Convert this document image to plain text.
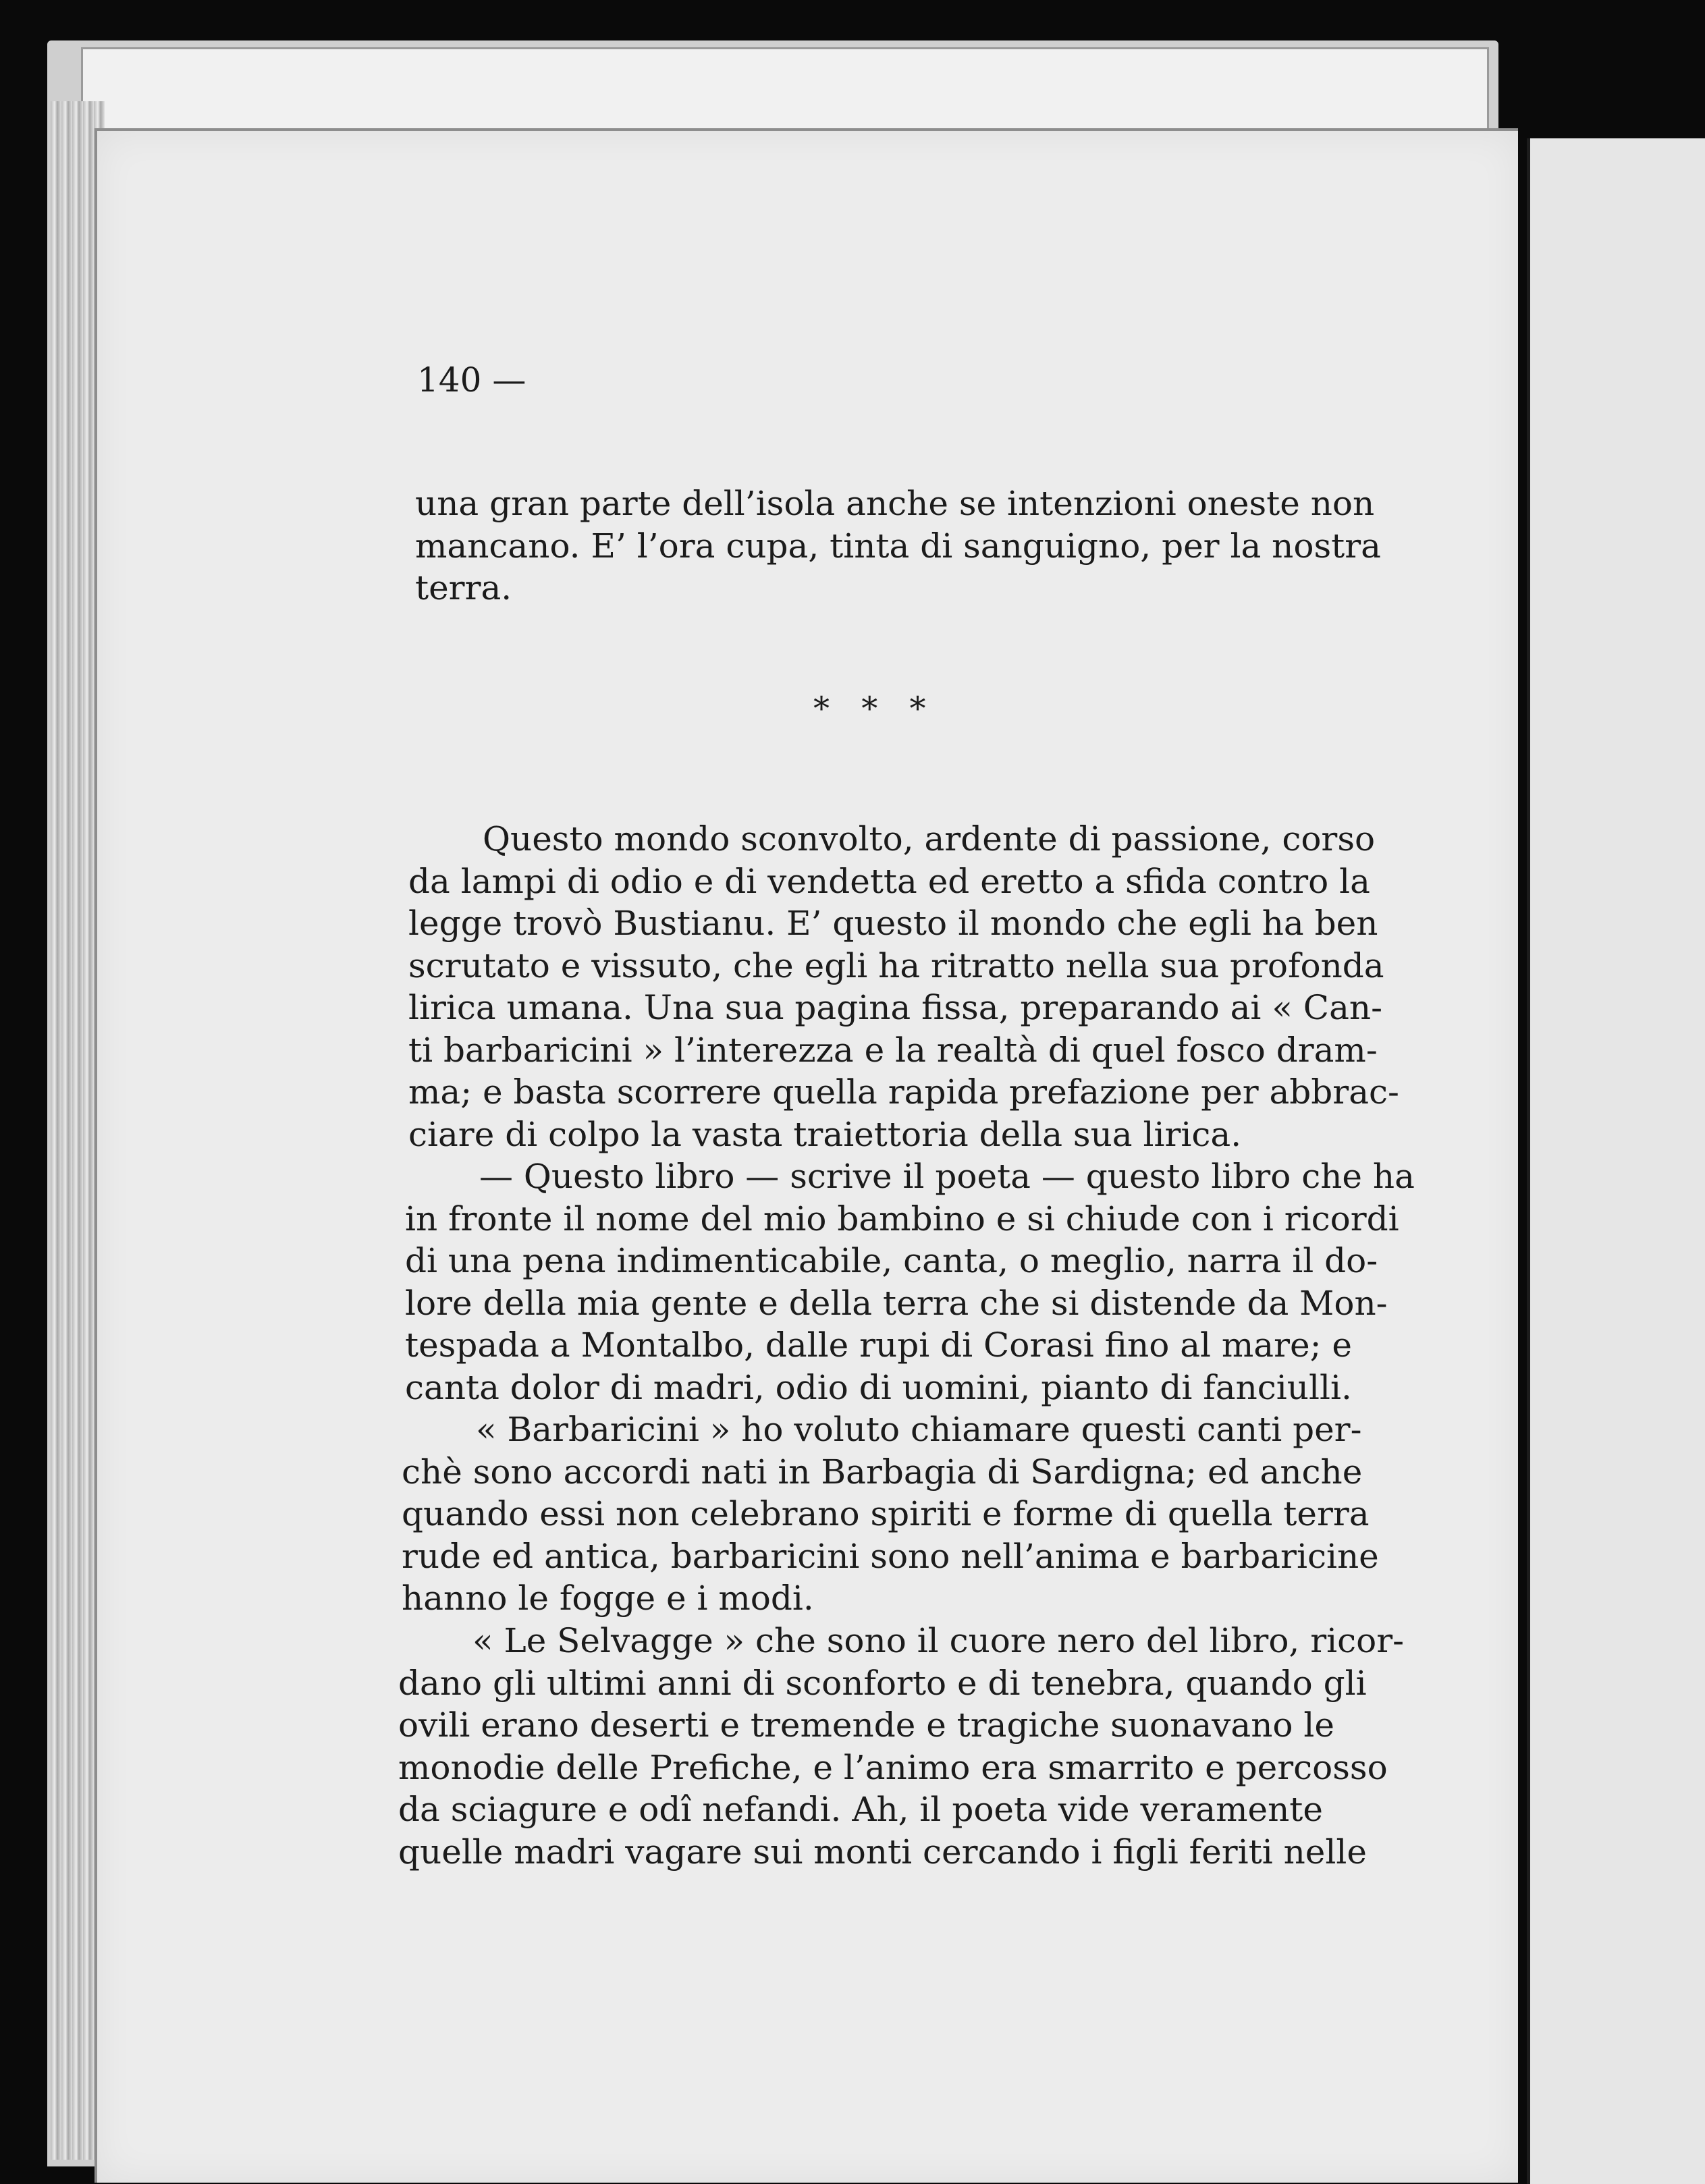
140 —

una gran parte dell’isola anche se intenzioni oneste non
mancano. E’ l’ora cupa, tinta di sanguigno, per la nostra
terra.

* * *

Questo mondo sconvolto, ardente di passione, corso
da lampi di odio e di vendetta ed eretto a sfida contro la
legge trovò Bustianu. E’ questo il mondo che egli ha ben
scrutato e vissuto, che egli ha ritratto nella sua profonda
lirica umana. Una sua pagina fissa, preparando ai « Can-
ti barbaricini » l’interezza e la realtà di quel fosco dram-
ma; e basta scorrere quella rapida prefazione per abbrac-
ciare di colpo la vasta traiettoria della sua lirica.
— Questo libro — scrive il poeta — questo libro che ha
in fronte il nome del mio bambino e si chiude con i ricordi
di una pena indimenticabile, canta, o meglio, narra il do-
lore della mia gente e della terra che si distende da Mon-
tespada a Montalbo, dalle rupi di Corasi fino al mare; e
canta dolor di madri, odio di uomini, pianto di fanciulli.
« Barbaricini » ho voluto chiamare questi canti per-
chè sono accordi nati in Barbagia di Sardigna; ed anche
quando essi non celebrano spiriti e forme di quella terra
rude ed antica, barbaricini sono nell’anima e barbaricine
hanno le fogge e i modi.
« Le Selvagge » che sono il cuore nero del libro, ricor-
dano gli ultimi anni di sconforto e di tenebra, quando gli
ovili erano deserti e tremende e tragiche suonavano le
monodie delle Prefiche, e l’animo era smarrito e percosso
da sciagure e odî nefandi. Ah, il poeta vide veramente
quelle madri vagare sui monti cercando i figli feriti nelle
